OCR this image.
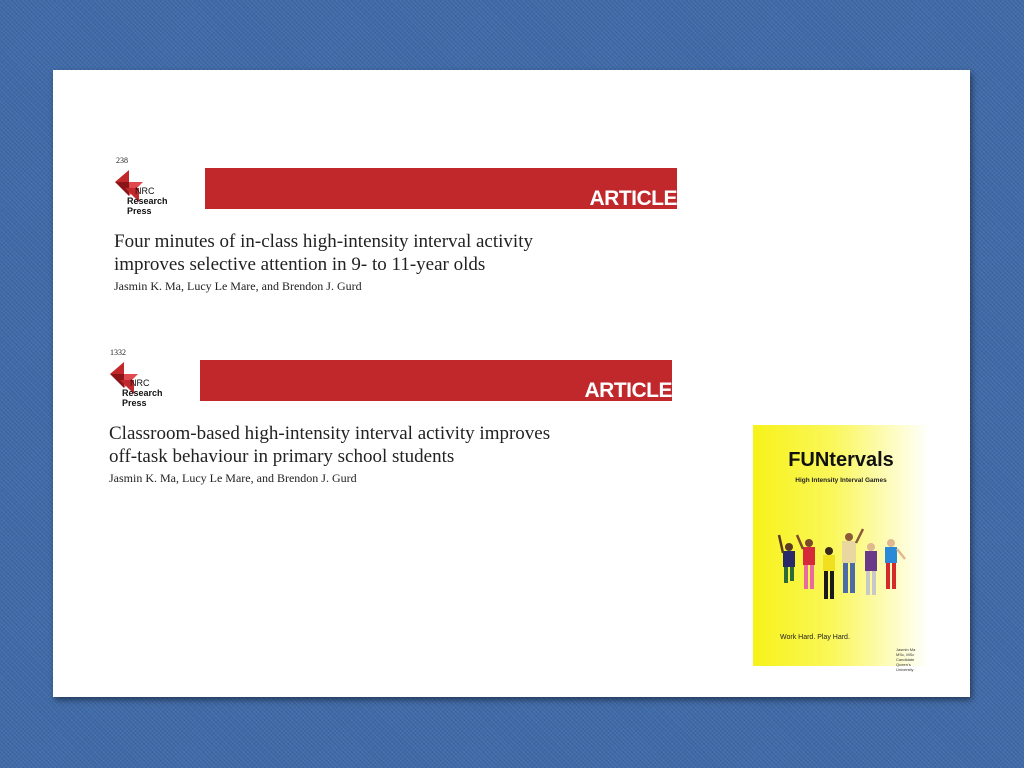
238
NRC
Research Press
ARTICLE
Four minutes of in-class high-intensity interval activity
improves selective attention in 9- to 11-year olds
Jasmin K. Ma, Lucy Le Mare, and Brendon J. Gurd
1332
NRC
Research Press
ARTICLE
Classroom-based high-intensity interval activity improves
off-task behaviour in primary school students
Jasmin K. Ma, Lucy Le Mare, and Brendon J. Gurd
FUNtervals
High Intensity Interval Games
Work Hard. Play Hard.
Jasmin Ma
MSc, MSc Candidate
Queen's University
